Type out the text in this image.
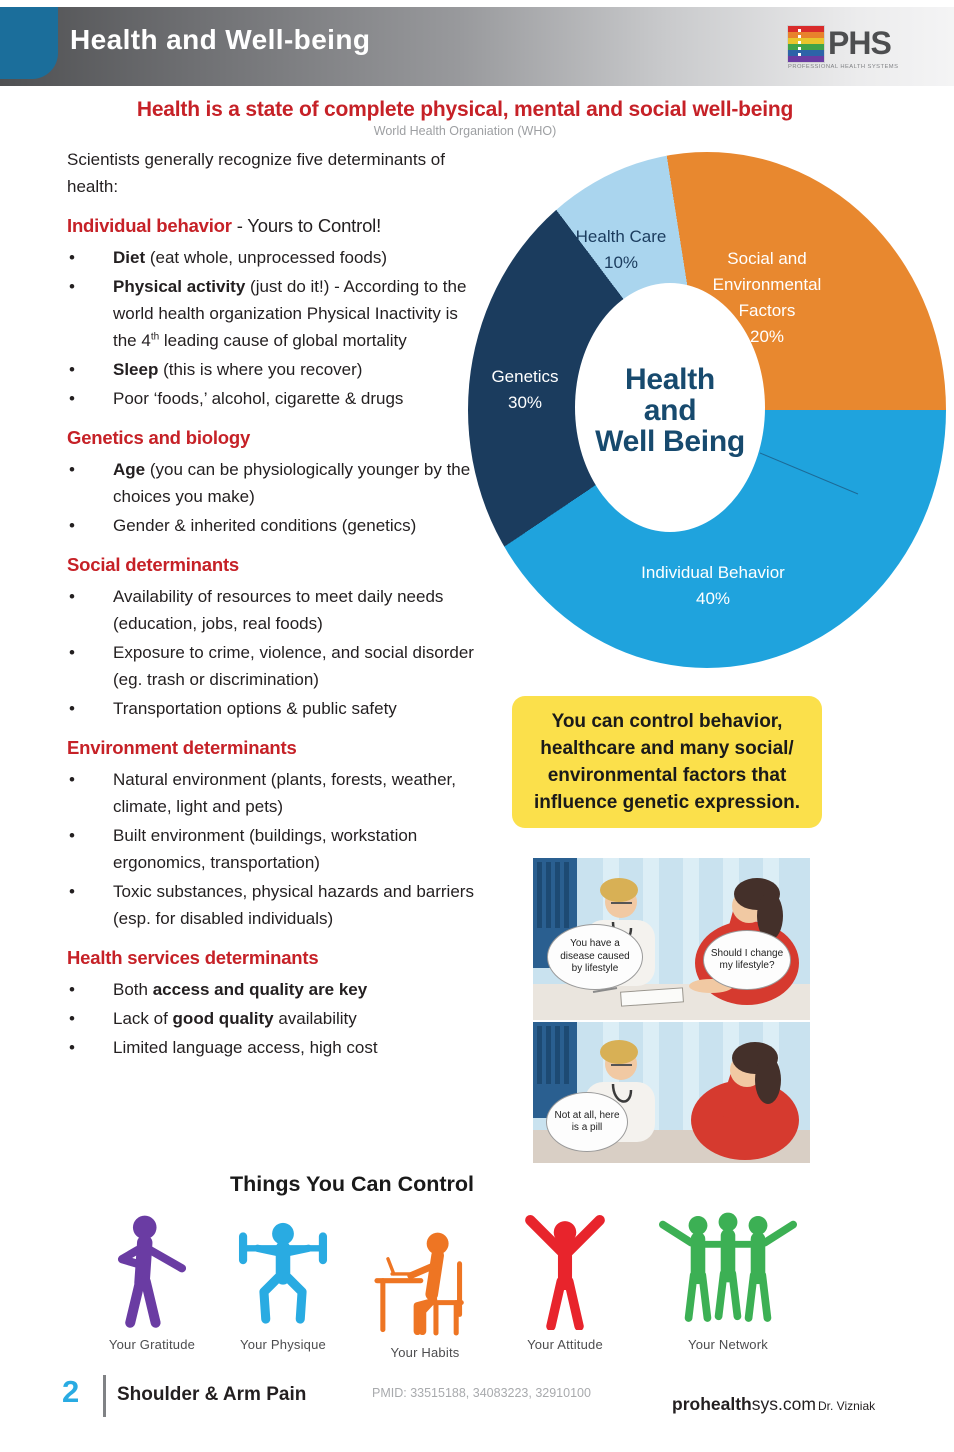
Health and Well-being	PHS
PROFESSIONAL HEALTH SYSTEMS
Health is a state of complete physical, mental and social well-being
World Health Organiation (WHO)

Scientists generally recognize five determinants of health:

Individual behavior - Yours to Control!
• Diet (eat whole, unprocessed foods)
• Physical activity (just do it!) - According to the world health organization Physical Inactivity is the 4th leading cause of global mortality
• Sleep (this is where you recover)
• Poor ‘foods,’ alcohol, cigarette & drugs
Genetics and biology
• Age (you can be physiologically younger by the choices you make)
• Gender & inherited conditions (genetics)
Social determinants
• Availability of resources to meet daily needs (education, jobs, real foods)
• Exposure to crime, violence, and social disorder (eg. trash or discrimination)
• Transportation options & public safety
Environment determinants
• Natural environment (plants, forests, weather, climate, light and pets)
• Built environment (buildings, workstation ergonomics, transportation)
• Toxic substances, physical hazards and barriers (esp. for disabled individuals)
Health services determinants
• Both access and quality are key
• Lack of good quality availability
• Limited language access, high cost
Health
and
Well Being
Health Care
10%	Social and Environmental Factors
20%
Genetics
30%
Individual Behavior
40%
You can control behavior,
healthcare and many social/
environmental factors that
influence genetic expression.
You have a disease caused by lifestyle
Should I change my lifestyle?
Not at all, here is a pill
Things You Can Control
Your Gratitude	Your Physique
Your Habits
Your Attitude	Your Network
2 Shoulder & Arm Pain	PMID: 33515188, 34083223, 32910100
prohealthsys.com Dr. Vizniak
